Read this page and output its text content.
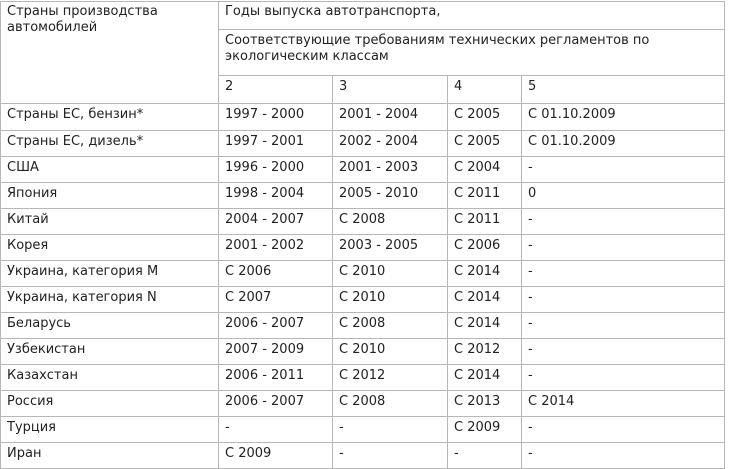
Страны производства автомобилей	Годы выпуска автотранспорта,			
	Соответствующие требованиям технических регламентов по экологическим классам			
	2	3	4	5
Страны ЕС, бензин*	1997 - 2000	2001 - 2004	С 2005	С 01.10.2009
Страны ЕС, дизель*	1997 - 2001	2002 - 2004	С 2005	С 01.10.2009
США	1996 - 2000	2001 - 2003	С 2004	-
Япония	1998 - 2004	2005 - 2010	С 2011	0
Китай	2004 - 2007	С 2008	С 2011	-
Корея	2001 - 2002	2003 - 2005	С 2006	-
Украина, категория М	С 2006	С 2010	С 2014	-
Украина, категория N	С 2007	С 2010	С 2014	-
Беларусь	2006 - 2007	С 2008	С 2014	-
Узбекистан	2007 - 2009	С 2010	С 2012	-
Казахстан	2006 - 2011	С 2012	С 2014	-
Россия	2006 - 2007	С 2008	С 2013	С 2014
Турция	-	-	С 2009	-
Иран	С 2009	-	-	-
